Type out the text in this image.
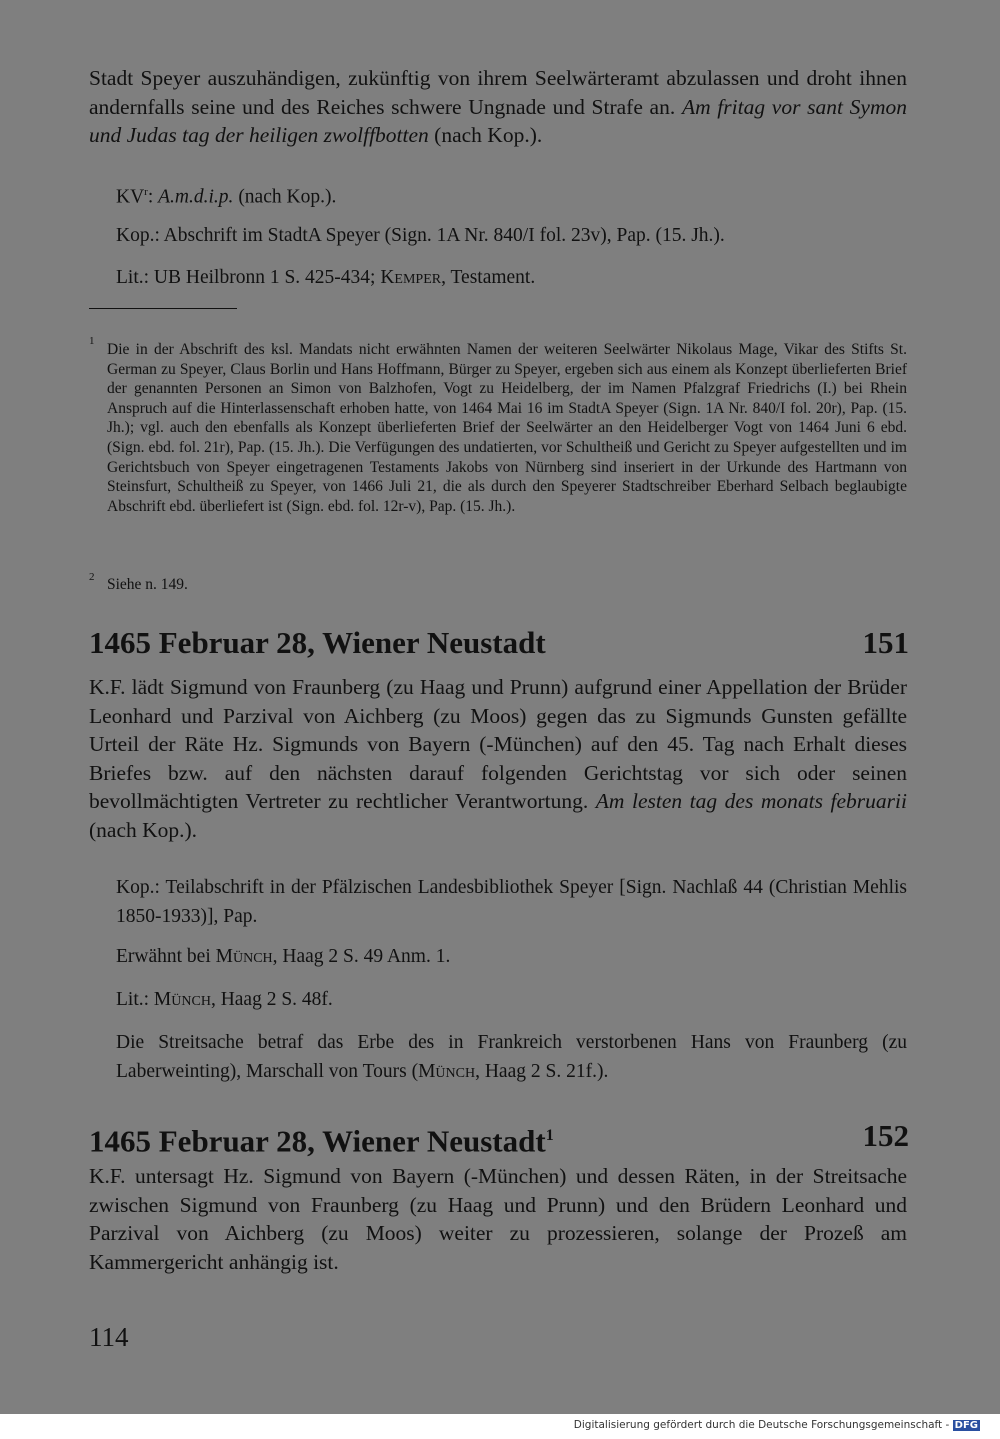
Stadt Speyer auszuhändigen, zukünftig von ihrem Seelwärteramt abzulassen und droht ihnen andernfalls seine und des Reiches schwere Ungnade und Strafe an. Am fritag vor sant Symon und Judas tag der heiligen zwolffbotten (nach Kop.).
$KV^r$: A.m.d.i.p. (nach Kop.).
Kop.: Abschrift im StadtA Speyer (Sign. 1A Nr. 840/I fol. 23v), Pap. (15. Jh.).
Lit.: UB Heilbronn 1 S. 425-434; Kemper, Testament.
1 Die in der Abschrift des ksl. Mandats nicht erwähnten Namen der weiteren Seelwärter Nikolaus Mage, Vikar des Stifts St. German zu Speyer, Claus Borlin und Hans Hoffmann, Bürger zu Speyer, ergeben sich aus einem als Konzept überlieferten Brief der genannten Personen an Simon von Balzhofen, Vogt zu Heidelberg, der im Namen Pfalzgraf Friedrichs (I.) bei Rhein Anspruch auf die Hinterlassenschaft erhoben hatte, von 1464 Mai 16 im StadtA Speyer (Sign. 1A Nr. 840/I fol. 20r), Pap. (15. Jh.); vgl. auch den ebenfalls als Konzept überlieferten Brief der Seelwärter an den Heidelberger Vogt von 1464 Juni 6 ebd. (Sign. ebd. fol. 21r), Pap. (15. Jh.). Die Verfügungen des undatierten, vor Schultheiß und Gericht zu Speyer aufgestellten und im Gerichtsbuch von Speyer eingetragenen Testaments Jakobs von Nürnberg sind inseriert in der Urkunde des Hartmann von Steinsfurt, Schultheiß zu Speyer, von 1466 Juli 21, die als durch den Speyerer Stadtschreiber Eberhard Selbach beglaubigte Abschrift ebd. überliefert ist (Sign. ebd. fol. 12r-v), Pap. (15. Jh.).
2 Siehe n. 149.
1465 Februar 28, Wiener Neustadt	151
K.F. lädt Sigmund von Fraunberg (zu Haag und Prunn) aufgrund einer Appellation der Brüder Leonhard und Parzival von Aichberg (zu Moos) gegen das zu Sigmunds Gunsten gefällte Urteil der Räte Hz. Sigmunds von Bayern (-München) auf den 45. Tag nach Erhalt dieses Briefes bzw. auf den nächsten darauf folgenden Gerichtstag vor sich oder seinen bevollmächtigten Vertreter zu rechtlicher Verantwortung. Am lesten tag des monats februarii (nach Kop.).
Kop.: Teilabschrift in der Pfälzischen Landesbibliothek Speyer [Sign. Nachlaß 44 (Christian Mehlis 1850-1933)], Pap.
Erwähnt bei Münch, Haag 2 S. 49 Anm. 1.
Lit.: Münch, Haag 2 S. 48f.
Die Streitsache betraf das Erbe des in Frankreich verstorbenen Hans von Fraunberg (zu Laberweinting), Marschall von Tours (Münch, Haag 2 S. 21f.).
1465 Februar 28, Wiener Neustadt$^1$	152
K.F. untersagt Hz. Sigmund von Bayern (-München) und dessen Räten, in der Streitsache zwischen Sigmund von Fraunberg (zu Haag und Prunn) und den Brüdern Leonhard und Parzival von Aichberg (zu Moos) weiter zu prozessieren, solange der Prozeß am Kammergericht anhängig ist.
114
Digitalisierung gefördert durch die Deutsche Forschungsgemeinschaft - DFG
